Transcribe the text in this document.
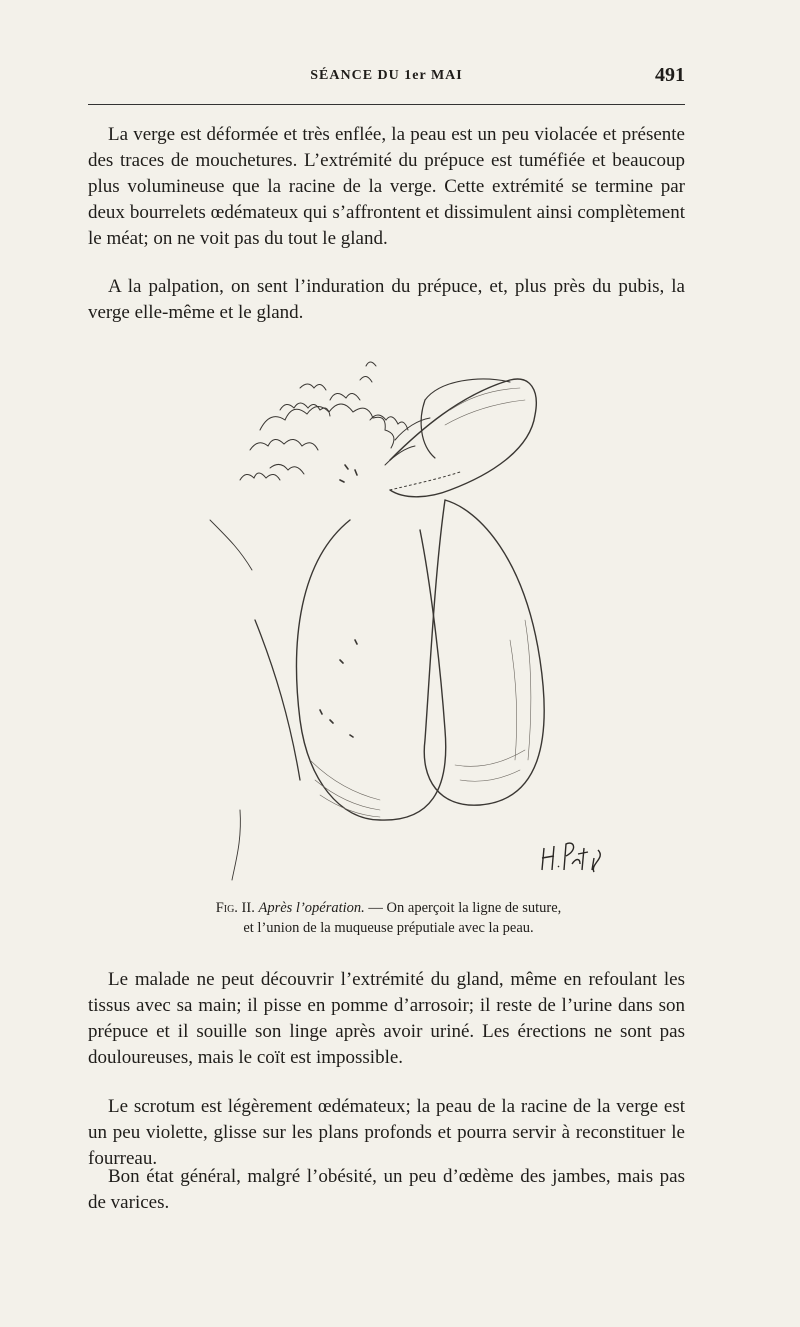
SÉANCE DU 1er MAI	491

La verge est déformée et très enflée, la peau est un peu violacée et présente des traces de mouchetures. L’extrémité du prépuce est tuméfiée et beaucoup plus volumineuse que la racine de la verge. Cette extrémité se termine par deux bourrelets œdémateux qui s’affrontent et dissimulent ainsi complètement le méat; on ne voit pas du tout le gland.

A la palpation, on sent l’induration du prépuce, et, plus près du pubis, la verge elle-même et le gland.

Fig. II. Après l’opération. — On aperçoit la ligne de suture,
et l’union de la muqueuse préputiale avec la peau.

Le malade ne peut découvrir l’extrémité du gland, même en refoulant les tissus avec sa main; il pisse en pomme d’arrosoir; il reste de l’urine dans son prépuce et il souille son linge après avoir uriné. Les érections ne sont pas douloureuses, mais le coït est impossible.

Le scrotum est légèrement œdémateux; la peau de la racine de la verge est un peu violette, glisse sur les plans profonds et pourra servir à reconstituer le fourreau.

Bon état général, malgré l’obésité, un peu d’œdème des jambes, mais pas de varices.
